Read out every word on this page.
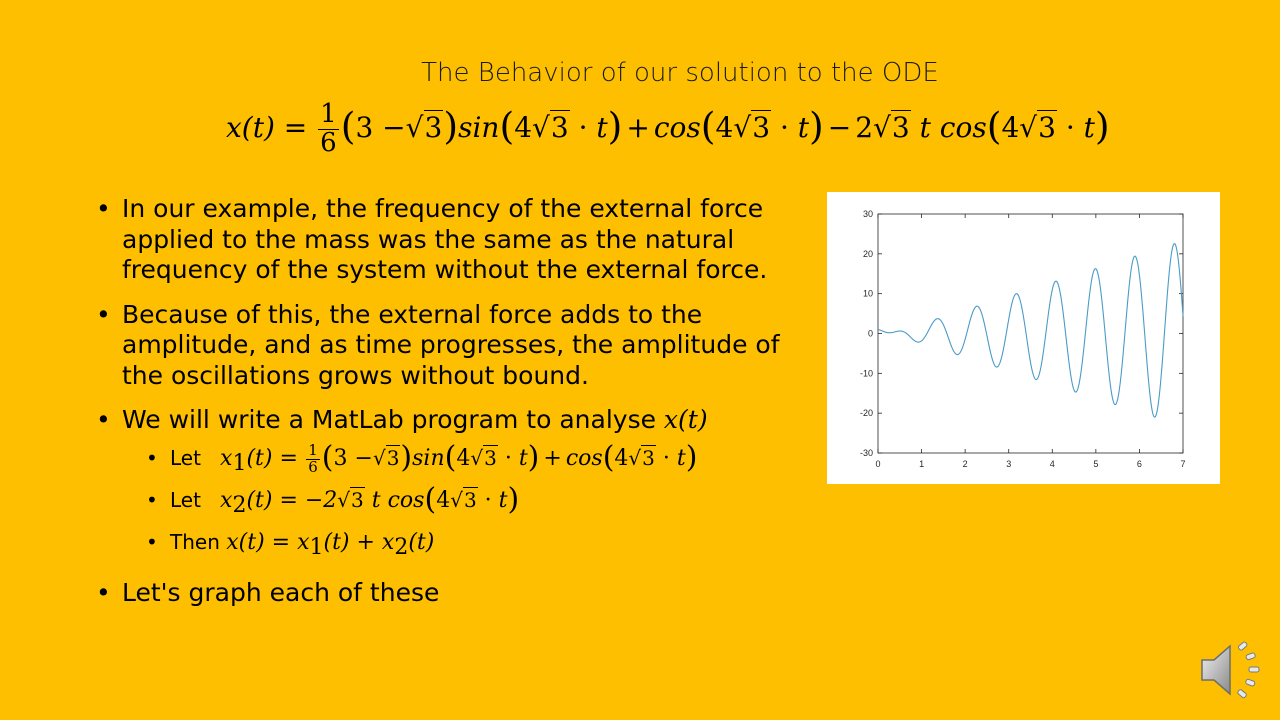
The Behavior of our solution to the ODE
$x(t) = \frac{1}{6} (3 -√3)\sin(4√3 \cdot t) + \cos(4√3 \cdot t) - 2√3$ t cos(4√3 · t)
• In our example, the frequency of the external force applied to the mass was the same as the natural frequency of the system without the external force.
• Because of this, the external force adds to the amplitude, and as time progresses, the amplitude of the oscillations grows without bound.
• We will write a MatLab program to analyse x(t)
• Let $x_1(t) = \frac{1}{6} (3 -√3)\sin(4√3 \cdot t) + \cos(4√3 \cdot t)$
• Let $x_2(t) = -2√3$ t cos(4√3 · t)
• Then $x(t) = x_1(t) + x_2(t)$
• Let's graph each of these
0	1	2	3	4	5	6	7
30
20
10
0
-10
-20
-30
